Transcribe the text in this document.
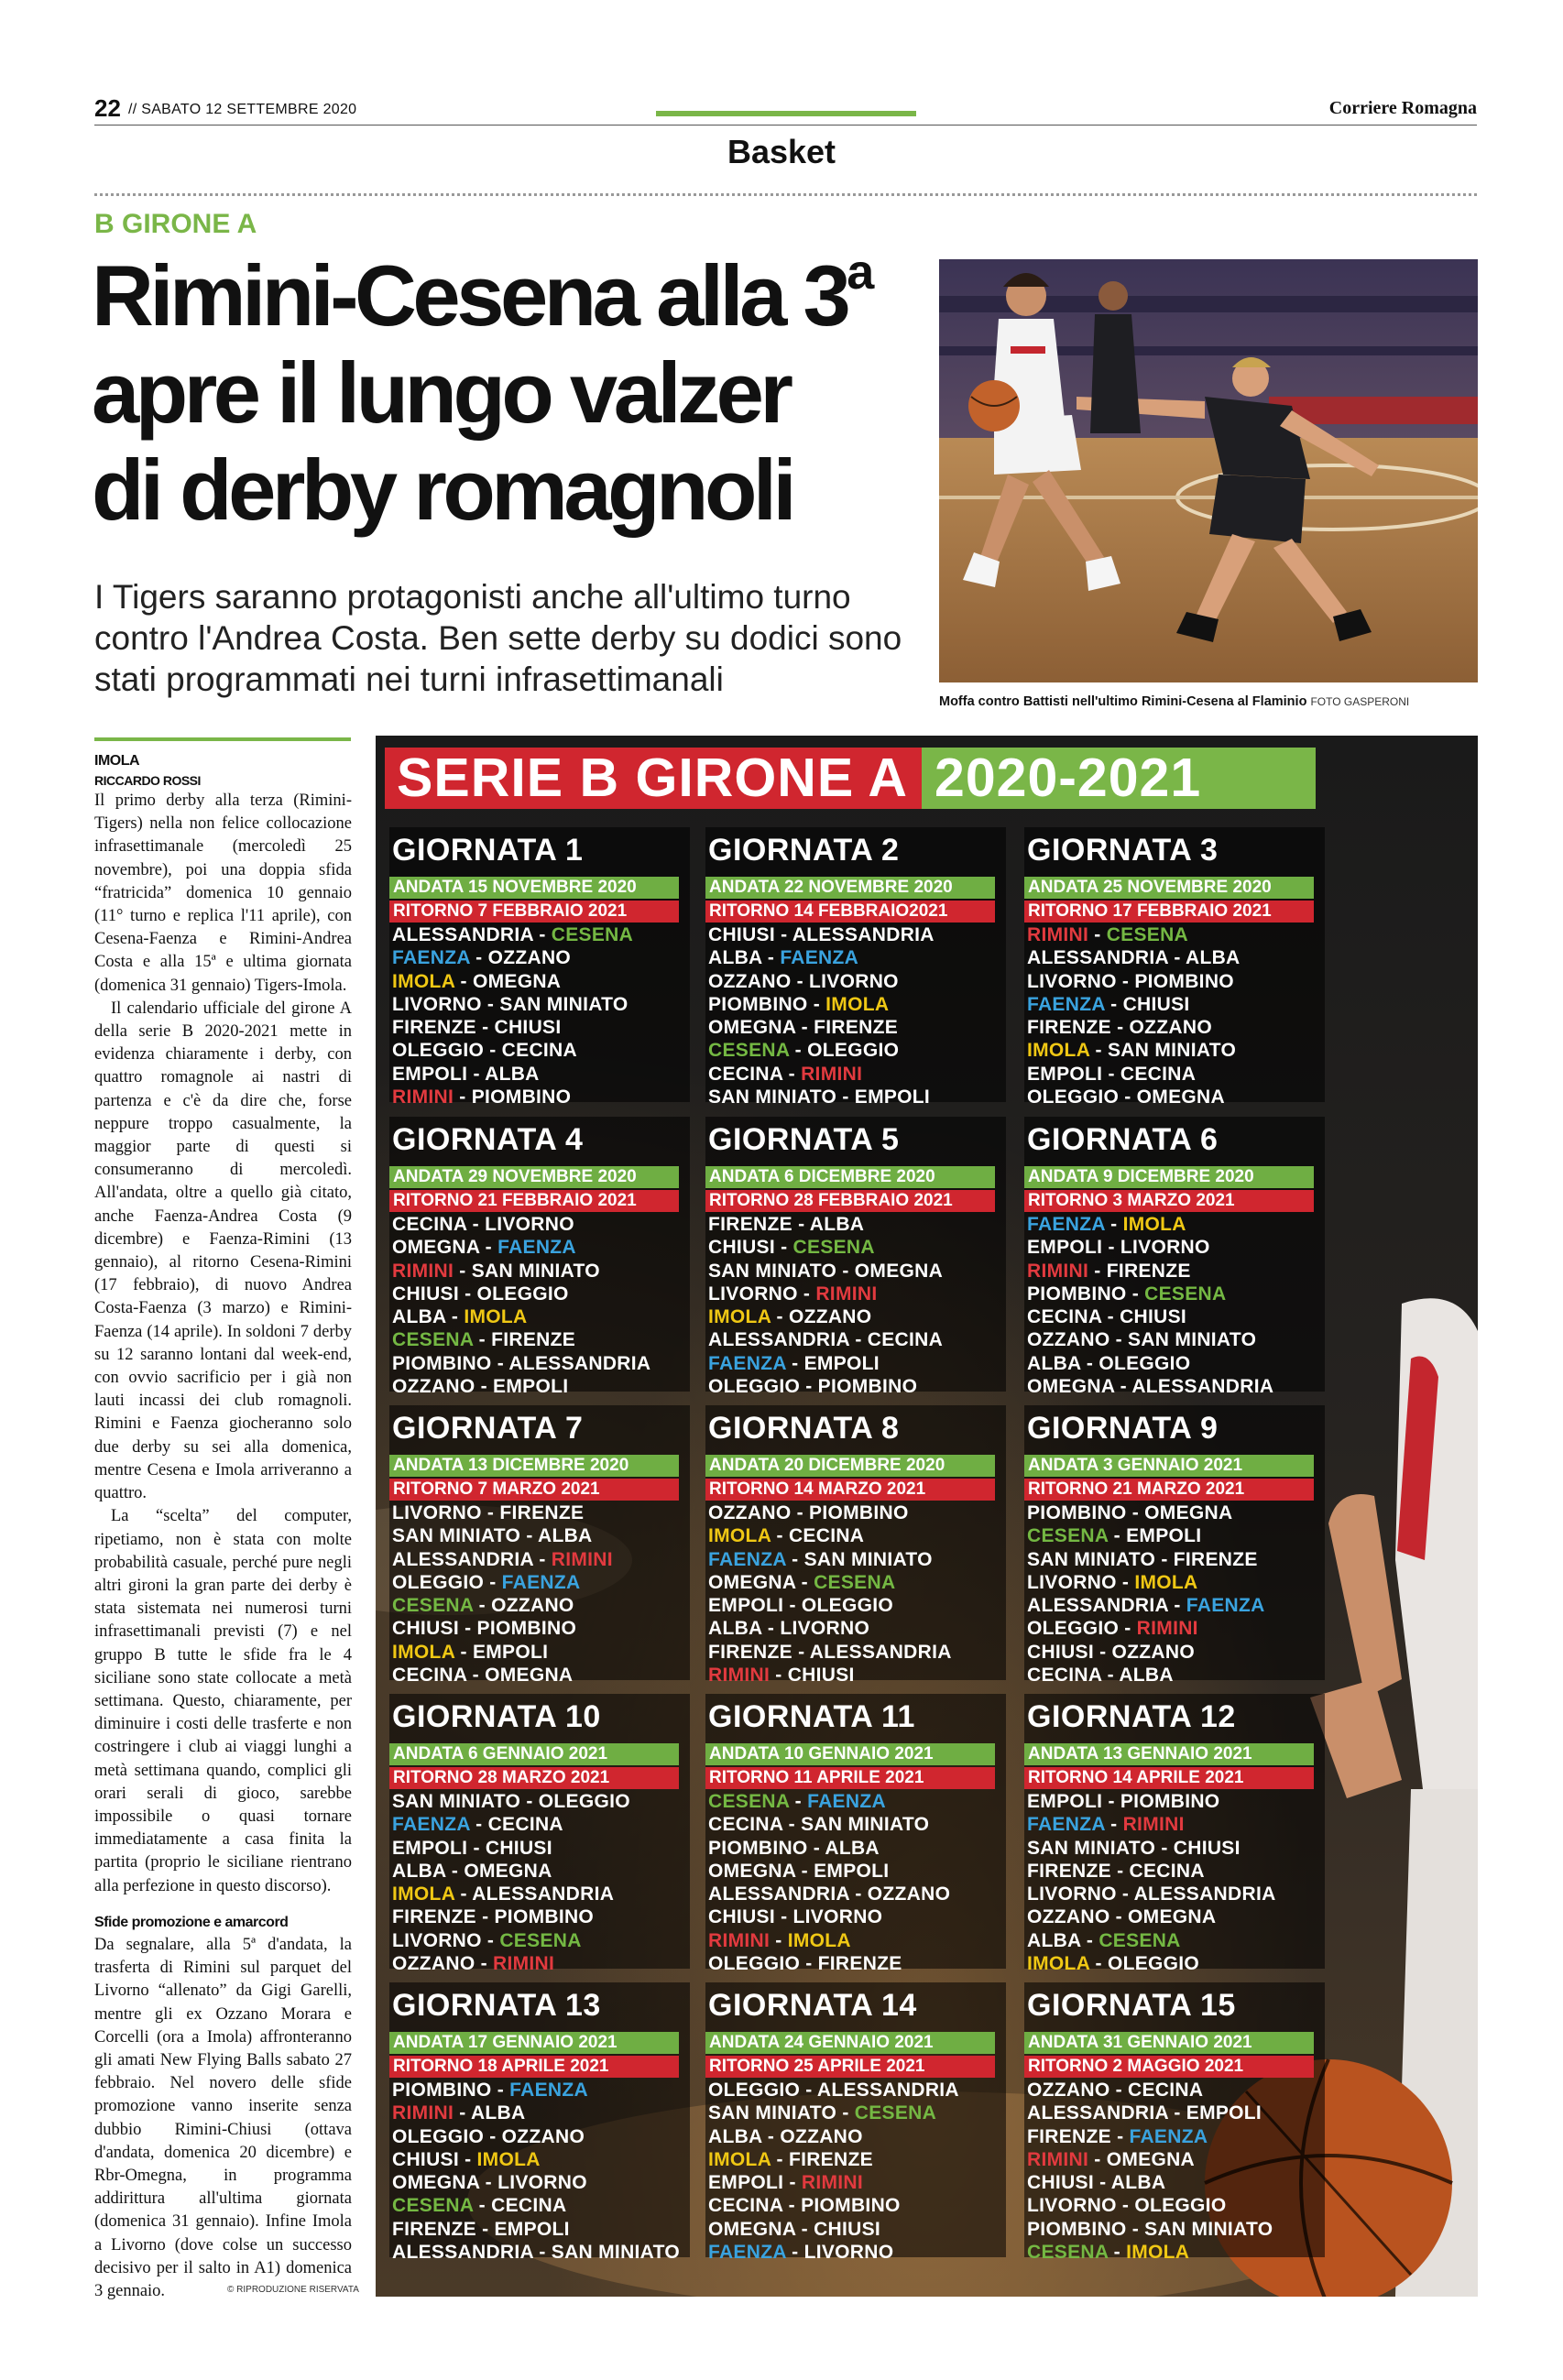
22 // SABATO 12 SETTEMBRE 2020	Corriere Romagna
Basket
B GIRONE A
Rimini-Cesena alla 3$^a$
apre il lungo valzer
di derby romagnoli

I Tigers saranno protagonisti anche all'ultimo turno contro l'Andrea Costa. Ben sette derby su dodici sono stati programmati nei turni infrasettimanali

Moffa contro Battisti nell'ultimo Rimini-Cesena al Flaminio FOTO GASPERONI
IMOLA
RICCARDO ROSSI

Il primo derby alla terza (Rimini-Tigers) nella non felice collocazione infrasettimanale (mercoledì 25 novembre), poi una doppia sfida “fratricida” domenica 10 gennaio (11° turno e replica l'11 aprile), con Cesena-Faenza e Rimini-Andrea Costa e alla 15ª e ultima giornata (domenica 31 gennaio) Tigers-Imola.

Il calendario ufficiale del girone A della serie B 2020-2021 mette in evidenza chiaramente i derby, con quattro romagnole ai nastri di partenza e c'è da dire che, forse neppure troppo casualmente, la maggior parte di questi si consumeranno di mercoledì. All'andata, oltre a quello già citato, anche Faenza-Andrea Costa (9 dicembre) e Faenza-Rimini (13 gennaio), al ritorno Cesena-Rimini (17 febbraio), di nuovo Andrea Costa-Faenza (3 marzo) e Rimini-Faenza (14 aprile). In soldoni 7 derby su 12 saranno lontani dal week-end, con ovvio sacrificio per i già non lauti incassi dei club romagnoli. Rimini e Faenza giocheranno solo due derby su sei alla domenica, mentre Cesena e Imola arriveranno a quattro.

La “scelta” del computer, ripetiamo, non è stata con molte probabilità casuale, perché pure negli altri gironi la gran parte dei derby è stata sistemata nei numerosi turni infrasettimanali previsti (7) e nel gruppo B tutte le sfide fra le 4 siciliane sono state collocate a metà settimana. Questo, chiaramente, per diminuire i costi delle trasferte e non costringere i club ai viaggi lunghi a metà settimana quando, complici gli orari serali di gioco, sarebbe impossibile o quasi tornare immediatamente a casa finita la partita (proprio le siciliane rientrano alla perfezione in questo discorso).

Sfide promozione e amarcord

Da segnalare, alla 5ª d'andata, la trasferta di Rimini sul parquet del Livorno “allenato” da Gigi Garelli, mentre gli ex Ozzano Morara e Corcelli (ora a Imola) affronteranno gli amati New Flying Balls sabato 27 febbraio. Nel novero delle sfide promozione vanno inserite senza dubbio Rimini-Chiusi (ottava d'andata, domenica 20 dicembre) e Rbr-Omegna, in programma addirittura all'ultima giornata (domenica 31 gennaio). Infine Imola a Livorno (dove colse un successo decisivo per il salto in A1) domenica 3 gennaio.	© RIPRODUZIONE RISERVATA
SERIE B GIRONE A 2020-2021
GIORNATA 1
ANDATA 15 NOVEMBRE 2020
RITORNO 7 FEBBRAIO 2021
ALESSANDRIA - CESENA
FAENZA - OZZANO
IMOLA - OMEGNA
LIVORNO - SAN MINIATO
FIRENZE - CHIUSI
OLEGGIO - CECINA
EMPOLI - ALBA
RIMINI - PIOMBINO
GIORNATA 2
ANDATA 22 NOVEMBRE 2020
RITORNO 14 FEBBRAIO2021
CHIUSI - ALESSANDRIA
ALBA - FAENZA
OZZANO - LIVORNO
PIOMBINO - IMOLA
OMEGNA - FIRENZE
CESENA - OLEGGIO
CECINA - RIMINI
SAN MINIATO - EMPOLI
GIORNATA 3
ANDATA 25 NOVEMBRE 2020
RITORNO 17 FEBBRAIO 2021
RIMINI - CESENA
ALESSANDRIA - ALBA
LIVORNO - PIOMBINO
FAENZA - CHIUSI
FIRENZE - OZZANO
IMOLA - SAN MINIATO
EMPOLI - CECINA
OLEGGIO - OMEGNA
GIORNATA 4
ANDATA 29 NOVEMBRE 2020
RITORNO 21 FEBBRAIO 2021
CECINA - LIVORNO
OMEGNA - FAENZA
RIMINI - SAN MINIATO
CHIUSI - OLEGGIO
ALBA - IMOLA
CESENA - FIRENZE
PIOMBINO - ALESSANDRIA
OZZANO - EMPOLI
GIORNATA 5
ANDATA 6 DICEMBRE 2020
RITORNO 28 FEBBRAIO 2021
FIRENZE - ALBA
CHIUSI - CESENA
SAN MINIATO - OMEGNA
LIVORNO - RIMINI
IMOLA - OZZANO
ALESSANDRIA - CECINA
FAENZA - EMPOLI
OLEGGIO - PIOMBINO
GIORNATA 6
ANDATA 9 DICEMBRE 2020
RITORNO 3 MARZO 2021
FAENZA - IMOLA
EMPOLI - LIVORNO
RIMINI - FIRENZE
PIOMBINO - CESENA
CECINA - CHIUSI
OZZANO - SAN MINIATO
ALBA - OLEGGIO
OMEGNA - ALESSANDRIA
GIORNATA 7
ANDATA 13 DICEMBRE 2020
RITORNO 7 MARZO 2021
LIVORNO - FIRENZE
SAN MINIATO - ALBA
ALESSANDRIA - RIMINI
OLEGGIO - FAENZA
CESENA - OZZANO
CHIUSI - PIOMBINO
IMOLA - EMPOLI
CECINA - OMEGNA
GIORNATA 8
ANDATA 20 DICEMBRE 2020
RITORNO 14 MARZO 2021
OZZANO - PIOMBINO
IMOLA - CECINA
FAENZA - SAN MINIATO
OMEGNA - CESENA
EMPOLI - OLEGGIO
ALBA - LIVORNO
FIRENZE - ALESSANDRIA
RIMINI - CHIUSI
GIORNATA 9
ANDATA 3 GENNAIO 2021
RITORNO 21 MARZO 2021
PIOMBINO - OMEGNA
CESENA - EMPOLI
SAN MINIATO - FIRENZE
LIVORNO - IMOLA
ALESSANDRIA - FAENZA
OLEGGIO - RIMINI
CHIUSI - OZZANO
CECINA - ALBA
GIORNATA 10
ANDATA 6 GENNAIO 2021
RITORNO 28 MARZO 2021
SAN MINIATO - OLEGGIO
FAENZA - CECINA
EMPOLI - CHIUSI
ALBA - OMEGNA
IMOLA - ALESSANDRIA
FIRENZE - PIOMBINO
LIVORNO - CESENA
OZZANO - RIMINI
GIORNATA 11
ANDATA 10 GENNAIO 2021
RITORNO 11 APRILE 2021
CESENA - FAENZA
CECINA - SAN MINIATO
PIOMBINO - ALBA
OMEGNA - EMPOLI
ALESSANDRIA - OZZANO
CHIUSI - LIVORNO
RIMINI - IMOLA
OLEGGIO - FIRENZE
GIORNATA 12
ANDATA 13 GENNAIO 2021
RITORNO 14 APRILE 2021
EMPOLI - PIOMBINO
FAENZA - RIMINI
SAN MINIATO - CHIUSI
FIRENZE - CECINA
LIVORNO - ALESSANDRIA
OZZANO - OMEGNA
ALBA - CESENA
IMOLA - OLEGGIO
GIORNATA 13
ANDATA 17 GENNAIO 2021
RITORNO 18 APRILE 2021
PIOMBINO - FAENZA
RIMINI - ALBA
OLEGGIO - OZZANO
CHIUSI - IMOLA
OMEGNA - LIVORNO
CESENA - CECINA
FIRENZE - EMPOLI
ALESSANDRIA - SAN MINIATO
GIORNATA 14
ANDATA 24 GENNAIO 2021
RITORNO 25 APRILE 2021
OLEGGIO - ALESSANDRIA
SAN MINIATO - CESENA
ALBA - OZZANO
IMOLA - FIRENZE
EMPOLI - RIMINI
CECINA - PIOMBINO
OMEGNA - CHIUSI
FAENZA - LIVORNO
GIORNATA 15
ANDATA 31 GENNAIO 2021
RITORNO 2 MAGGIO 2021
OZZANO - CECINA
ALESSANDRIA - EMPOLI
FIRENZE - FAENZA
RIMINI - OMEGNA
CHIUSI - ALBA
LIVORNO - OLEGGIO
PIOMBINO - SAN MINIATO
CESENA - IMOLA
